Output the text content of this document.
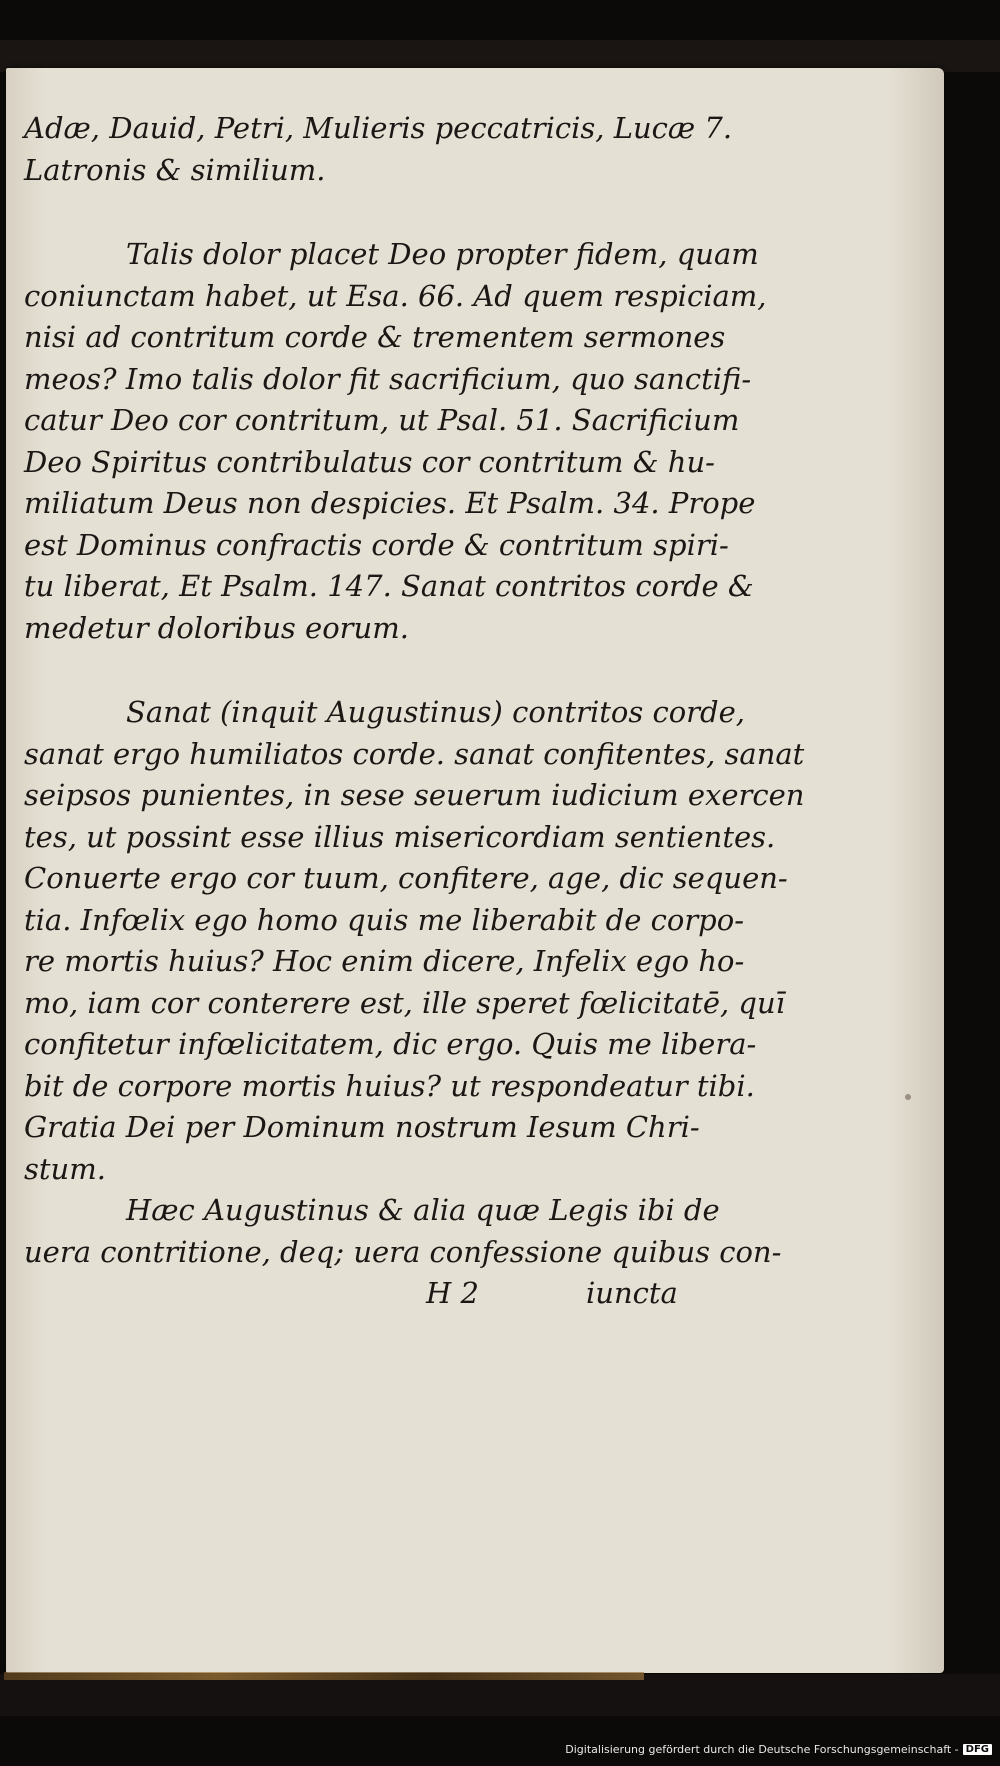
Adæ, Dauid, Petri, Mulieris peccatricis, Lucæ 7.
Latronis & similium.
Talis dolor placet Deo propter fidem, quam
coniunctam habet, ut Esa. 66. Ad quem respiciam,
nisi ad contritum corde & trementem sermones
meos? Imo talis dolor fit sacrificium, quo sanctifi-
catur Deo cor contritum, ut Psal. 51. Sacrificium
Deo Spiritus contribulatus cor contritum & hu-
miliatum Deus non despicies. Et Psalm. 34. Prope
est Dominus confractis corde & contritum spiri-
tu liberat, Et Psalm. 147. Sanat contritos corde &
medetur doloribus eorum.
Sanat (inquit Augustinus) contritos corde,
sanat ergo humiliatos corde. sanat confitentes, sanat
seipsos punientes, in sese seuerum iudicium exercen
tes, ut possint esse illius misericordiam sentientes.
Conuerte ergo cor tuum, confitere, age, dic sequen-
tia. Infœlix ego homo quis me liberabit de corpo-
re mortis huius? Hoc enim dicere, Infelix ego ho-
mo, iam cor conterere est, ille speret fœlicitatē, quī
confitetur infœlicitatem, dic ergo. Quis me libera-
bit de corpore mortis huius? ut respondeatur tibi.
Gratia Dei per Dominum nostrum Iesum Chri-
stum.
Hæc Augustinus & alia quæ Legis ibi de
uera contritione, deq; uera confessione quibus con-
H 2	iuncta
Digitalisierung gefördert durch die Deutsche Forschungsgemeinschaft - DFG
